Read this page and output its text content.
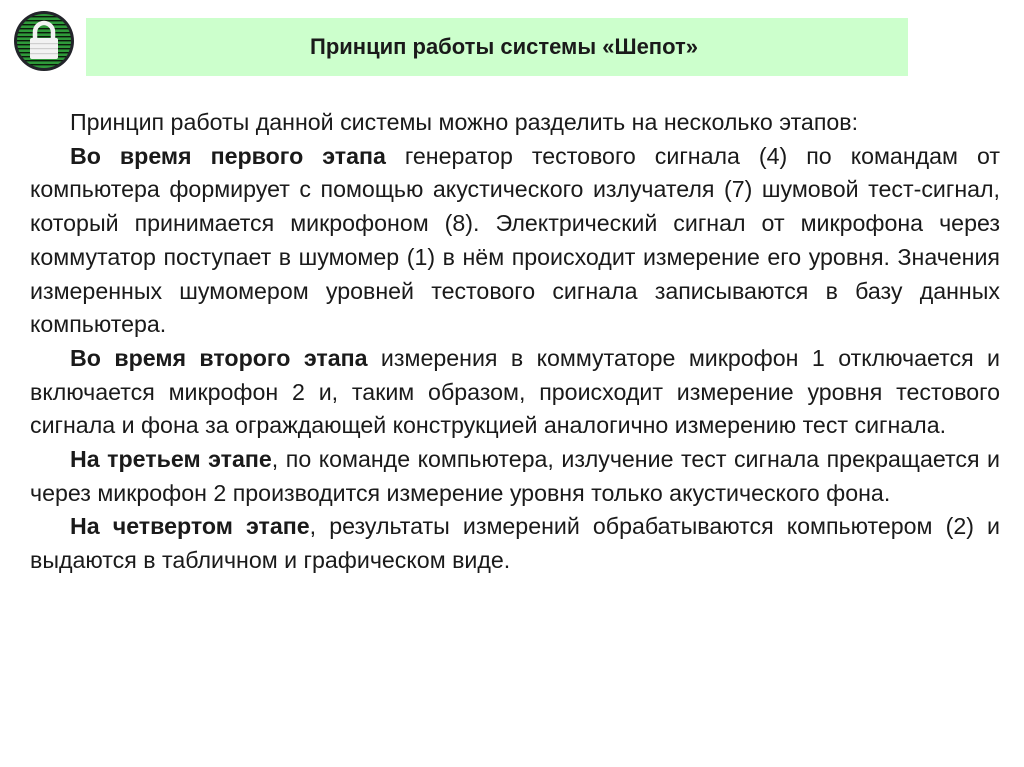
Принцип работы системы «Шепот»

Принцип работы данной системы можно разделить на несколько этапов:

Во время первого этапа генератор тестового сигнала (4) по командам от компьютера формирует с помощью акустического излучателя (7) шумовой тест-сигнал, который принимается микрофоном (8). Электрический сигнал от микрофона через коммутатор поступает в шумомер (1) в нём происходит измерение его уровня. Значения измеренных шумомером уровней тестового сигнала записываются в базу данных компьютера.

Во время второго этапа измерения в коммутаторе микрофон 1 отключается и включается микрофон 2 и, таким образом, происходит измерение уровня тестового сигнала и фона за ограждающей конструкцией аналогично измерению тест сигнала.

На третьем этапе, по команде компьютера, излучение тест сигнала прекращается и через микрофон 2 производится измерение уровня только акустического фона.

На четвертом этапе, результаты измерений обрабатываются компьютером (2) и выдаются в табличном и графическом виде.
